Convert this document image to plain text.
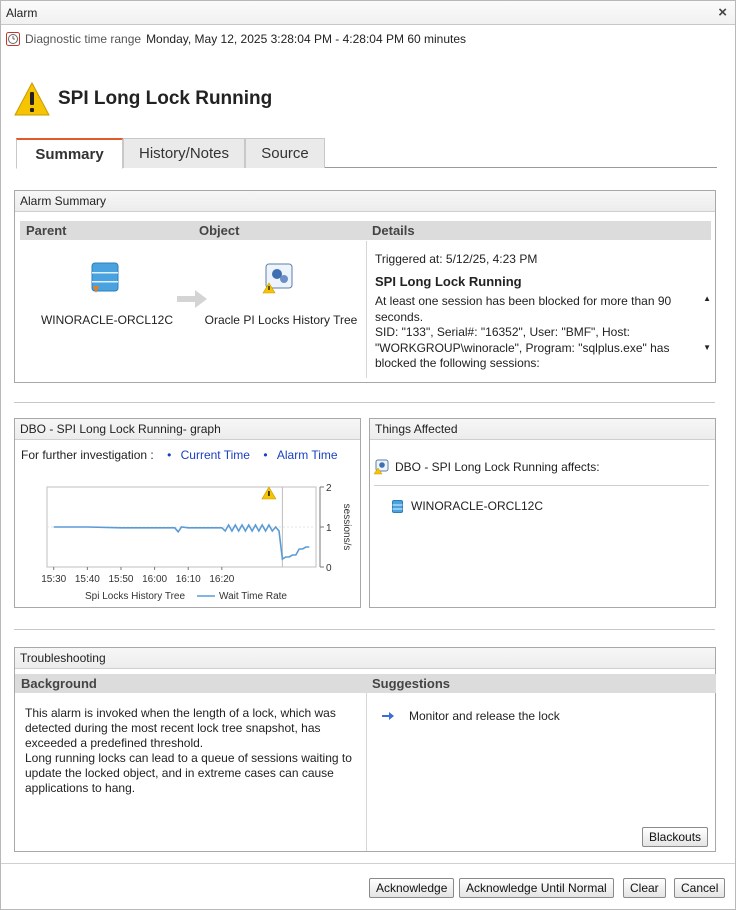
Alarm	×
Diagnostic time range Monday, May 12, 2025 3:28:04 PM - 4:28:04 PM 60 minutes
SPI Long Lock Running
Summary	History/Notes	Source
Alarm Summary
Parent	Object	Details
WINORACLE-ORCL12C	Oracle PI Locks History Tree
Triggered at: 5/12/25, 4:23 PM
SPI Long Lock Running
At least one session has been blocked for more than 90
seconds.
SID: "133", Serial#: "16352", User: "BMF", Host:
"WORKGROUP\winoracle", Program: "sqlplus.exe" has
blocked the following sessions:
▲
▼
DBO - SPI Long Lock Running- graph
For further investigation : • Current Time • Alarm Time
0
1
2
sessions/s
15:30 15:40 15:50 16:00 16:10 16:20
Spi Locks History Tree	Wait Time Rate
Things Affected
DBO - SPI Long Lock Running affects:
WINORACLE-ORCL12C
Troubleshooting
Background	Suggestions
This alarm is invoked when the length of a lock, which was
detected during the most recent lock tree snapshot, has
exceeded a predefined threshold.
Long running locks can lead to a queue of sessions waiting to
update the locked object, and in extreme cases can cause
applications to hang.
Monitor and release the lock
Blackouts
Acknowledge	Acknowledge Until Normal	Clear	Cancel
